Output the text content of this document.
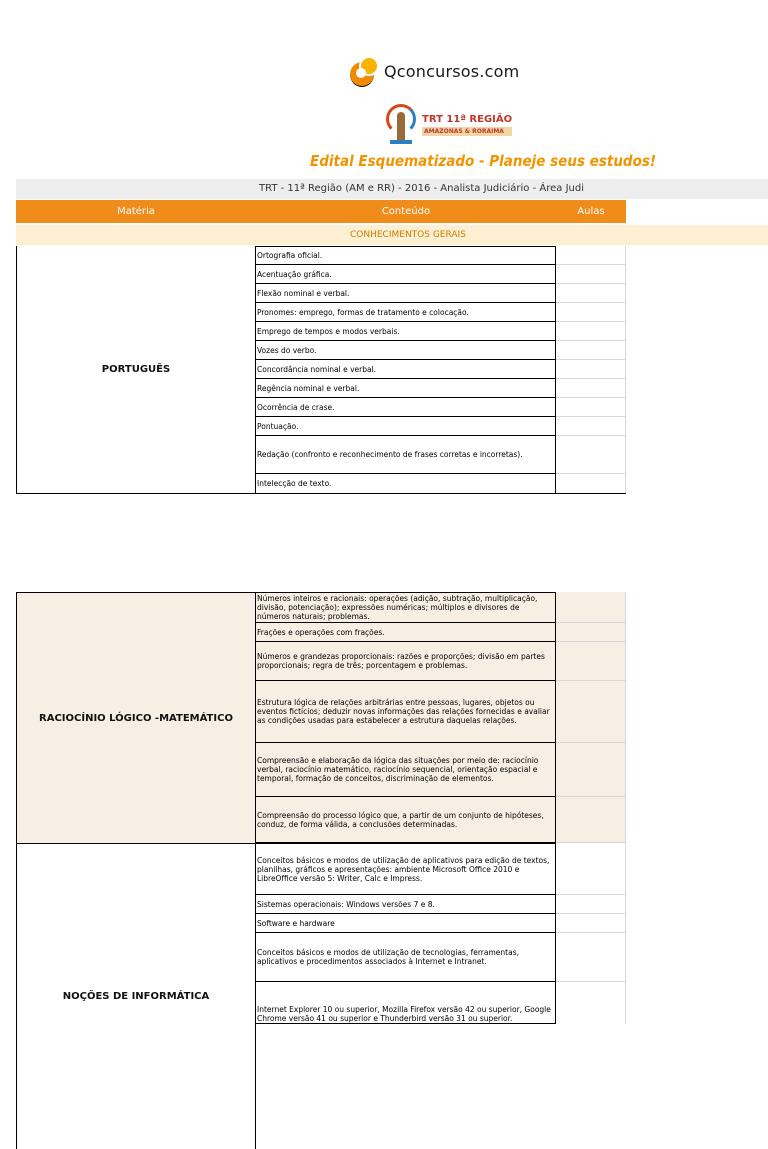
Qconcursos.com
TRT 11ª REGIÃO
AMAZONAS & RORAIMA
Edital Esquematizado - Planeje seus estudos!
TRT - 11ª Região (AM e RR) - 2016 - Analista Judiciário - Área Judi
Matéria	Conteúdo	Aulas
CONHECIMENTOS GERAIS
PORTUGUÊS
Ortografia oficial.
Acentuação gráfica.
Flexão nominal e verbal.
Pronomes: emprego, formas de tratamento e colocação.
Emprego de tempos e modos verbais.
Vozes do verbo.
Concordância nominal e verbal.
Regência nominal e verbal.
Ocorrência de crase.
Pontuação.
Redação (confronto e reconhecimento de frases corretas e incorretas).
Intelecção de texto.
RACIOCÍNIO LÓGICO -MATEMÁTICO
Números inteiros e racionais: operações (adição, subtração, multiplicação, divisão, potenciação); expressões numéricas; múltiplos e divisores de números naturais; problemas.
Frações e operações com frações.
Números e grandezas proporcionais: razões e proporções; divisão em partes proporcionais; regra de três; porcentagem e problemas.
Estrutura lógica de relações arbitrárias entre pessoas, lugares, objetos ou eventos fictícios; deduzir novas informações das relações fornecidas e avaliar as condições usadas para estabelecer a estrutura daquelas relações.
Compreensão e elaboração da lógica das situações por meio de: raciocínio verbal, raciocínio matemático, raciocínio sequencial, orientação espacial e temporal, formação de conceitos, discriminação de elementos.
Compreensão do processo lógico que, a partir de um conjunto de hipóteses, conduz, de forma válida, a conclusões determinadas.
NOÇÕES DE INFORMÁTICA
Conceitos básicos e modos de utilização de aplicativos para edição de textos, planilhas, gráficos e apresentações: ambiente Microsoft Office 2010 e LibreOffice versão 5: Writer, Calc e Impress.
Sistemas operacionais: Windows versões 7 e 8.
Software e hardware
Conceitos básicos e modos de utilização de tecnologias, ferramentas, aplicativos e procedimentos associados à Internet e Intranet.
Internet Explorer 10 ou superior, Mozilla Firefox versão 42 ou superior, Google Chrome versão 41 ou superior e Thunderbird versão 31 ou superior.
